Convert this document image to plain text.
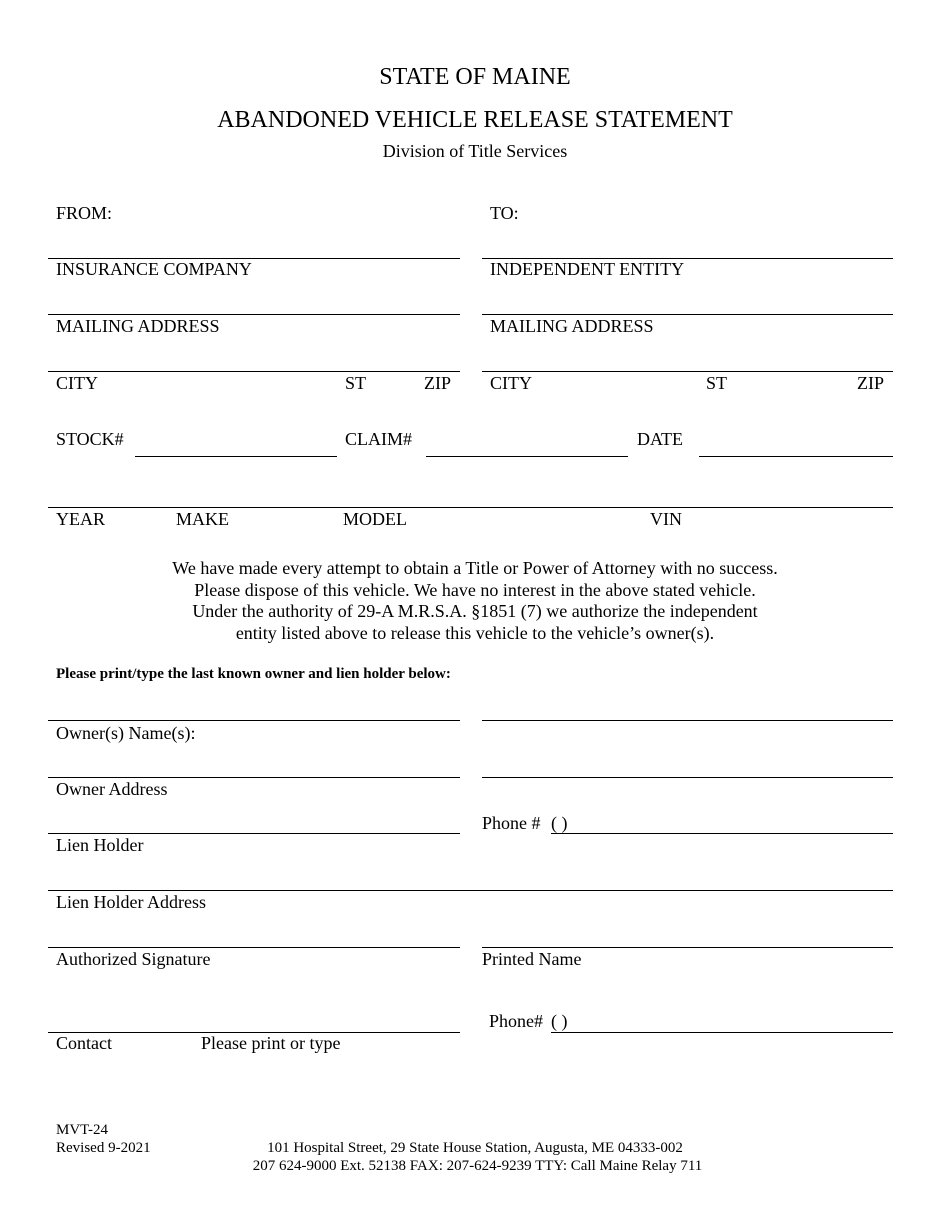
STATE OF MAINE
ABANDONED VEHICLE RELEASE STATEMENT
Division of Title Services
FROM:	TO:
INSURANCE COMPANY	INDEPENDENT ENTITY
MAILING ADDRESS	MAILING ADDRESS
CITY	ST	ZIP CITY	ST	ZIP
STOCK#	CLAIM#	DATE
YEAR	MAKE	MODEL	VIN
We have made every attempt to obtain a Title or Power of Attorney with no success.
Please dispose of this vehicle. We have no interest in the above stated vehicle.
Under the authority of 29-A M.R.S.A. §1851 (7) we authorize the independent
entity listed above to release this vehicle to the vehicle’s owner(s).
Please print/type the last known owner and lien holder below:
Owner(s) Name(s):
Owner Address
Phone # ( )
Lien Holder
Lien Holder Address
Authorized Signature	Printed Name
Phone# ( )
Contact	Please print or type
MVT-24
Revised 9-2021	101 Hospital Street, 29 State House Station, Augusta, ME 04333-002
207 624-9000 Ext. 52138 FAX: 207-624-9239 TTY: Call Maine Relay 711
